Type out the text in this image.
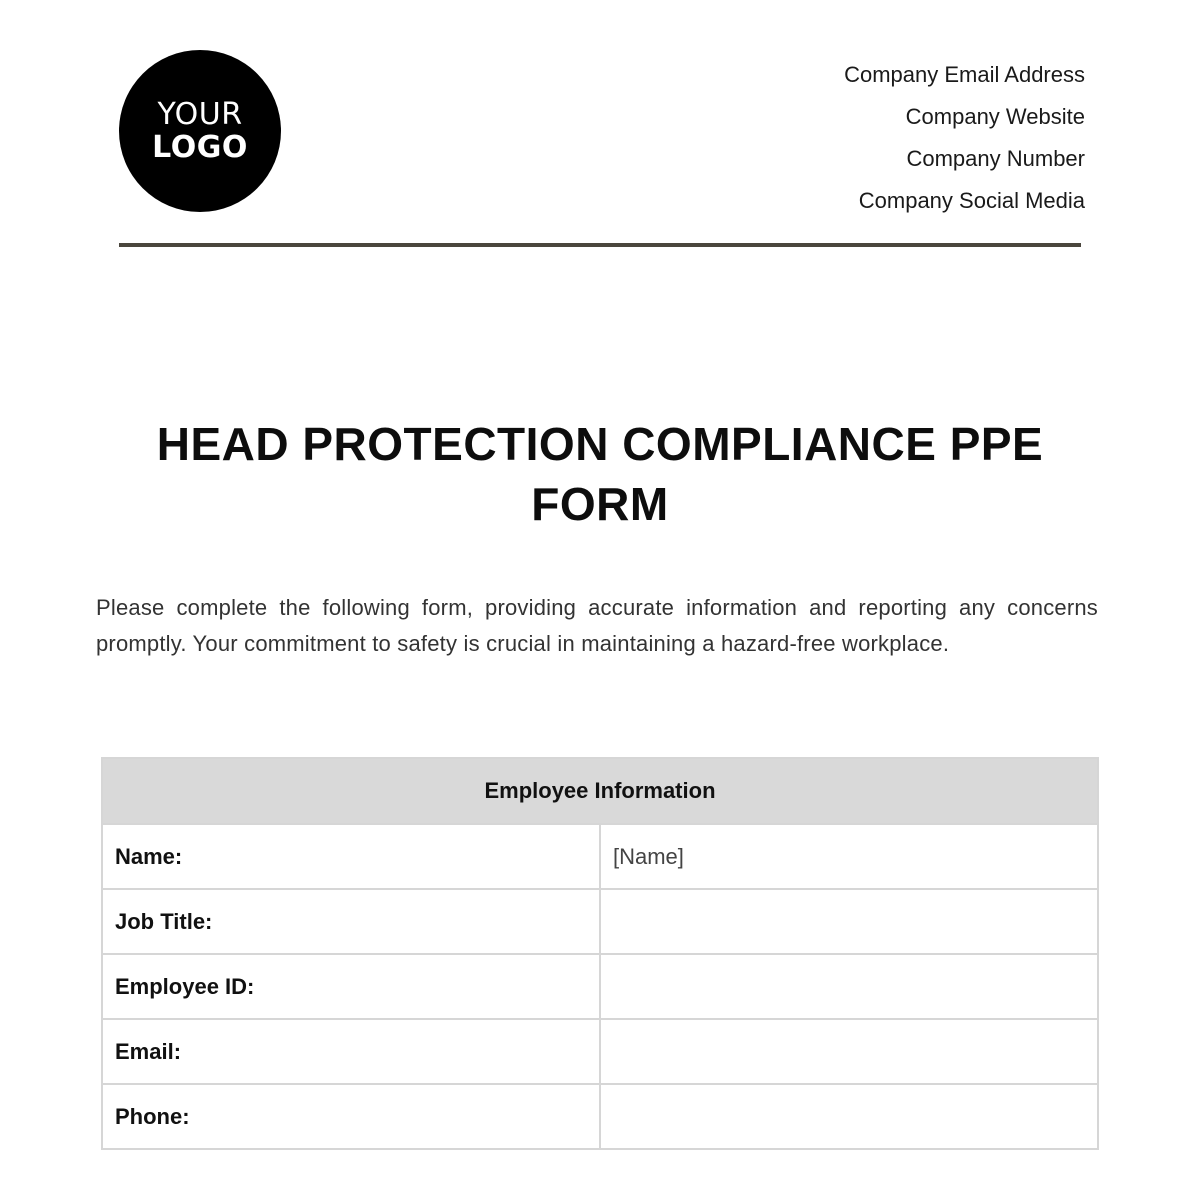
YOUR
LOGO
Company Email Address
Company Website
Company Number
Company Social Media
HEAD PROTECTION COMPLIANCE PPE FORM

Please complete the following form, providing accurate information and reporting any concerns promptly. Your commitment to safety is crucial in maintaining a hazard-free workplace.

Employee Information	
Name:	[Name]
Job Title:	
Employee ID:	
Email:	
Phone:	
